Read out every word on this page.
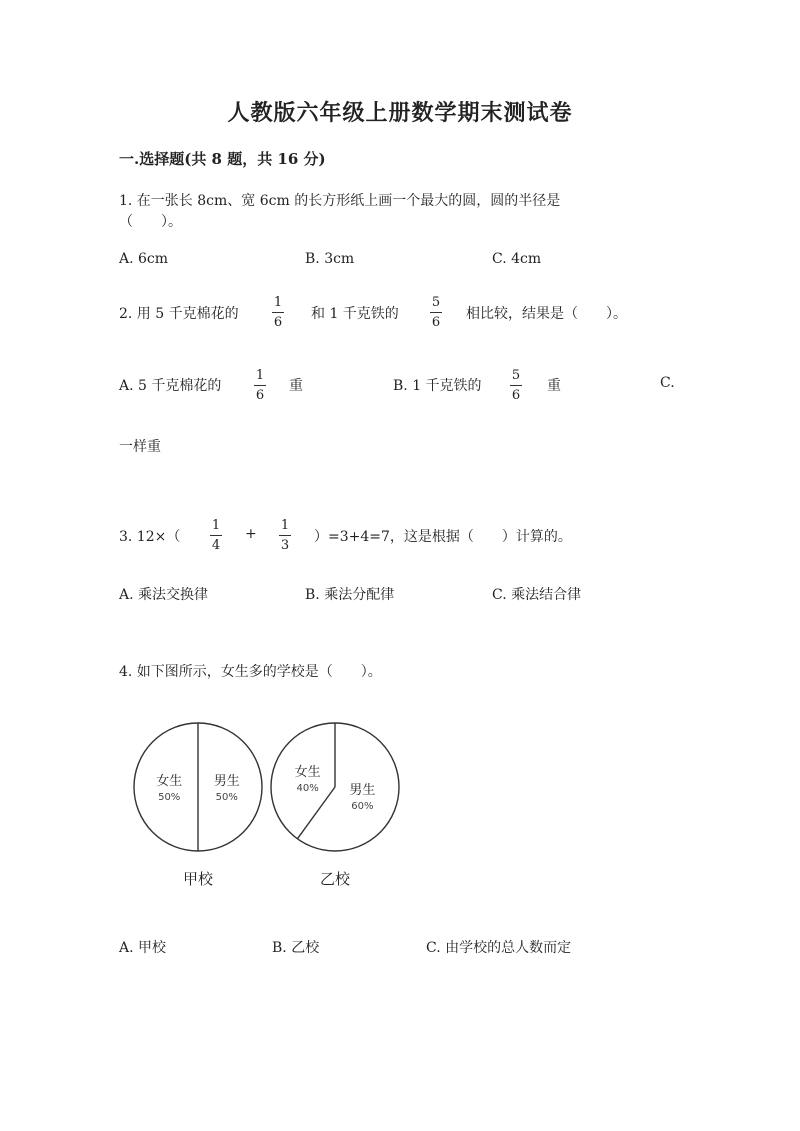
人教版六年级上册数学期末测试卷
一.选择题(共 8 题，共 16 分)
1. 在一张长 8cm、宽 6cm 的长方形纸上画一个最大的圆，圆的半径是
（　　）。
A. 6cm	B. 3cm	C. 4cm
2. 用 5 千克棉花的
1
6
和 1 千克铁的
5
6
相比较，结果是（　　）。
A. 5 千克棉花的
1
6
重	B. 1 千克铁的
5
6
重	C.
一样重
3. 12×（
1
4
+
1
3
）=3+4=7，这是根据（　　）计算的。
A. 乘法交换律	B. 乘法分配律	C. 乘法结合律
4. 如下图所示，女生多的学校是（　　）。
女生
50%
男生
50%
甲校
女生
40% 男生
60%
乙校
A. 甲校	B. 乙校	C. 由学校的总人数而定
